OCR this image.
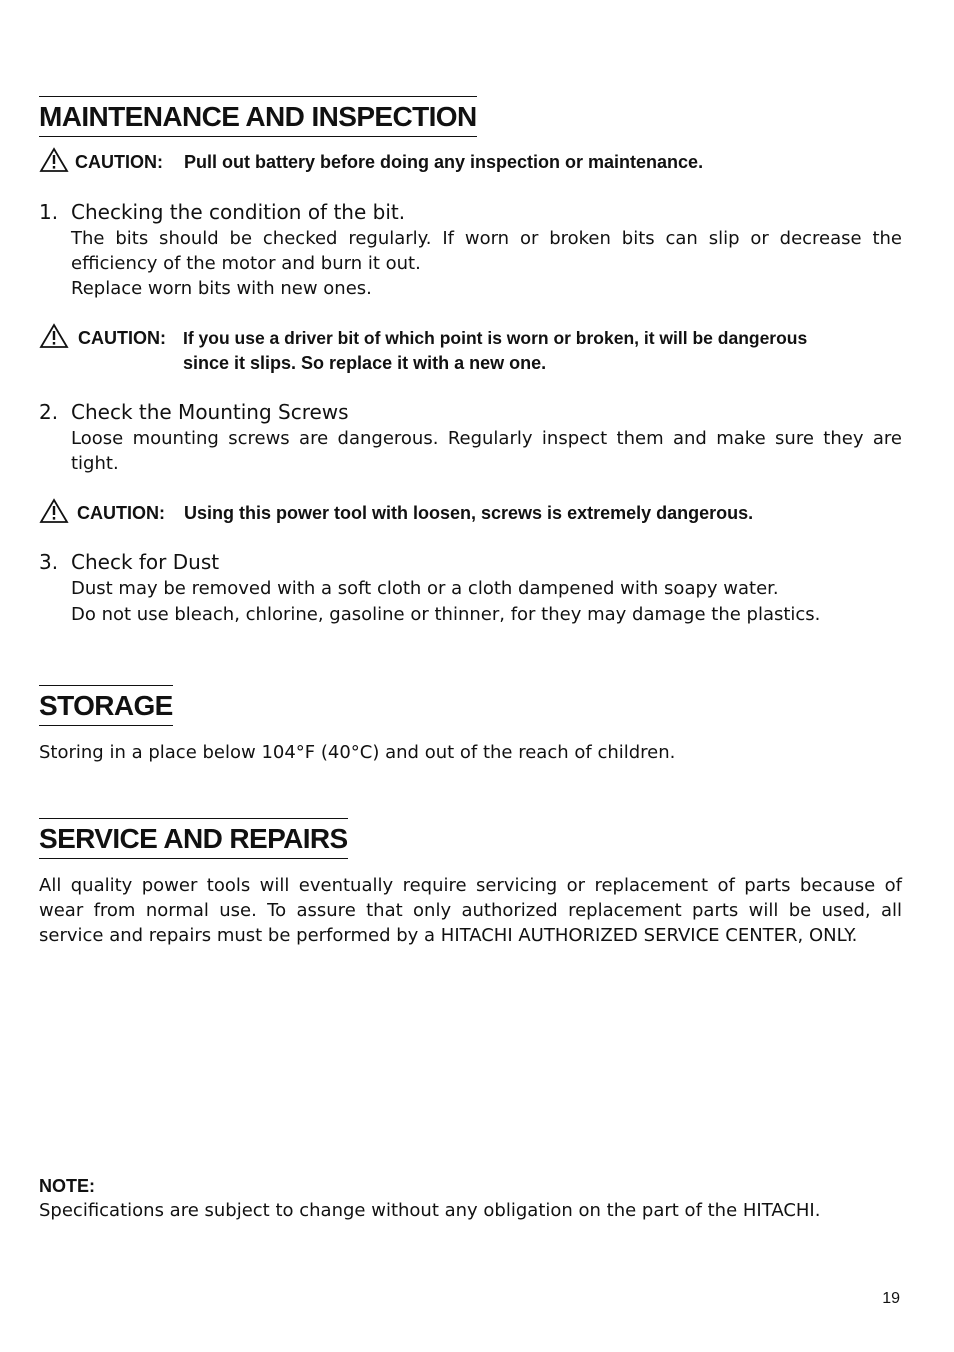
MAINTENANCE AND INSPECTION
CAUTION: Pull out battery before doing any inspection or maintenance.
1. Checking the condition of the bit.
The bits should be checked regularly. If worn or broken bits can slip or decrease the efficiency of the motor and burn it out.
Replace worn bits with new ones.
CAUTION: If you use a driver bit of which point is worn or broken, it will be dangerous
since it slips. So replace it with a new one.
2. Check the Mounting Screws
Loose mounting screws are dangerous. Regularly inspect them and make sure they are tight.
CAUTION: Using this power tool with loosen, screws is extremely dangerous.
3. Check for Dust
Dust may be removed with a soft cloth or a cloth dampened with soapy water.
Do not use bleach, chlorine, gasoline or thinner, for they may damage the plastics.
STORAGE
Storing in a place below 104°F (40°C) and out of the reach of children.
SERVICE AND REPAIRS
All quality power tools will eventually require servicing or replacement of parts because of wear from normal use. To assure that only authorized replacement parts will be used, all service and repairs must be performed by a HITACHI AUTHORIZED SERVICE CENTER, ONLY.
NOTE:
Specifications are subject to change without any obligation on the part of the HITACHI.
19
